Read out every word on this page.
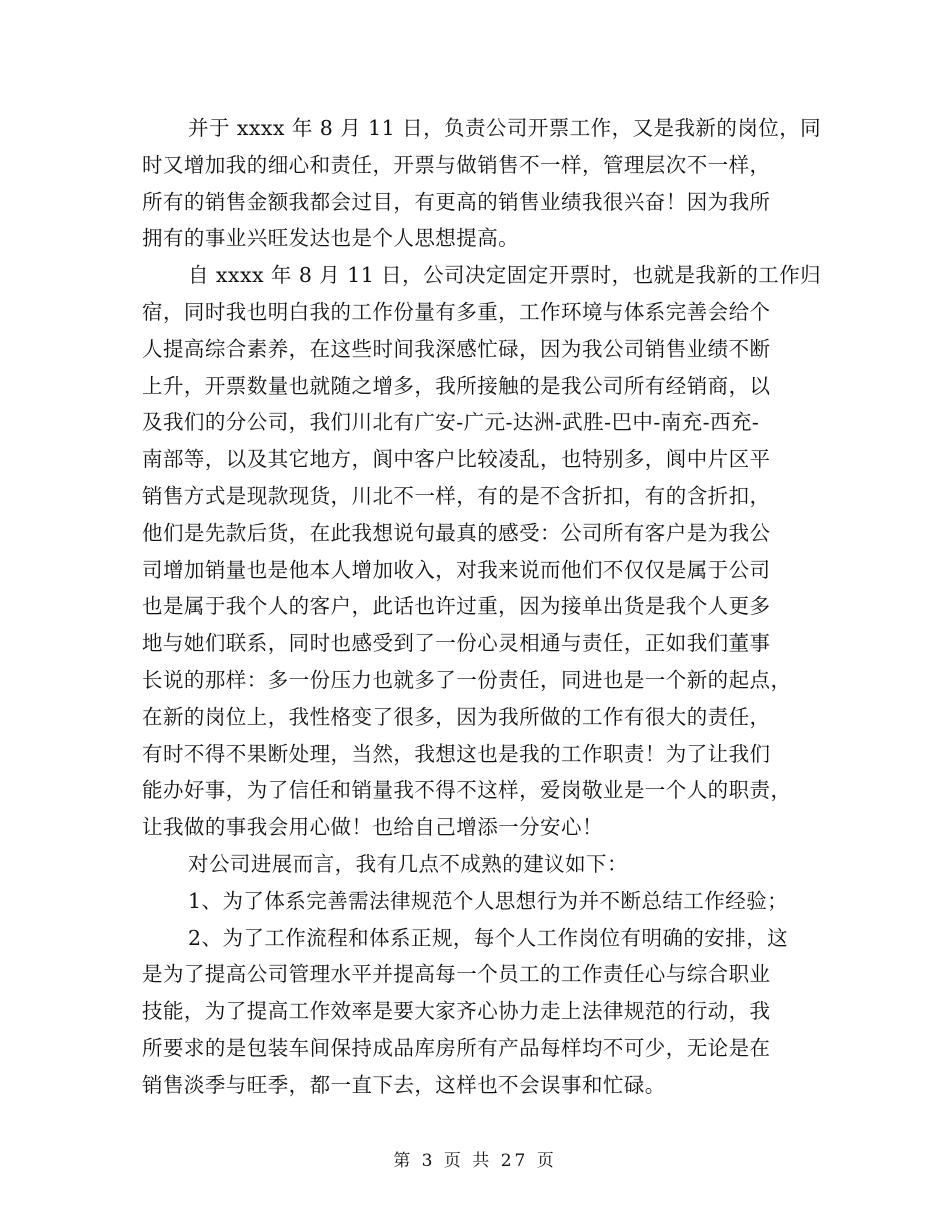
并于 xxxx 年 8 月 11 日，负责公司开票工作，又是我新的岗位，同
时又增加我的细心和责任，开票与做销售不一样，管理层次不一样，
所有的销售金额我都会过目，有更高的销售业绩我很兴奋！因为我所
拥有的事业兴旺发达也是个人思想提高。
自 xxxx 年 8 月 11 日，公司决定固定开票时，也就是我新的工作归
宿，同时我也明白我的工作份量有多重，工作环境与体系完善会给个
人提高综合素养，在这些时间我深感忙碌，因为我公司销售业绩不断
上升，开票数量也就随之增多，我所接触的是我公司所有经销商，以
及我们的分公司，我们川北有广安-广元-达洲-武胜-巴中-南充-西充-
南部等，以及其它地方，阆中客户比较凌乱，也特别多，阆中片区平
销售方式是现款现货，川北不一样，有的是不含折扣，有的含折扣，
他们是先款后货，在此我想说句最真的感受：公司所有客户是为我公
司增加销量也是他本人增加收入，对我来说而他们不仅仅是属于公司
也是属于我个人的客户，此话也许过重，因为接单出货是我个人更多
地与她们联系，同时也感受到了一份心灵相通与责任，正如我们董事
长说的那样：多一份压力也就多了一份责任，同进也是一个新的起点，
在新的岗位上，我性格变了很多，因为我所做的工作有很大的责任，
有时不得不果断处理，当然，我想这也是我的工作职责！为了让我们
能办好事，为了信任和销量我不得不这样，爱岗敬业是一个人的职责，
让我做的事我会用心做！也给自己增添一分安心！
对公司进展而言，我有几点不成熟的建议如下：
1、为了体系完善需法律规范个人思想行为并不断总结工作经验；
2、为了工作流程和体系正规，每个人工作岗位有明确的安排，这
是为了提高公司管理水平并提高每一个员工的工作责任心与综合职业
技能，为了提高工作效率是要大家齐心协力走上法律规范的行动，我
所要求的是包装车间保持成品库房所有产品每样均不可少，无论是在
销售淡季与旺季，都一直下去，这样也不会误事和忙碌。
第 3 页 共 27 页
